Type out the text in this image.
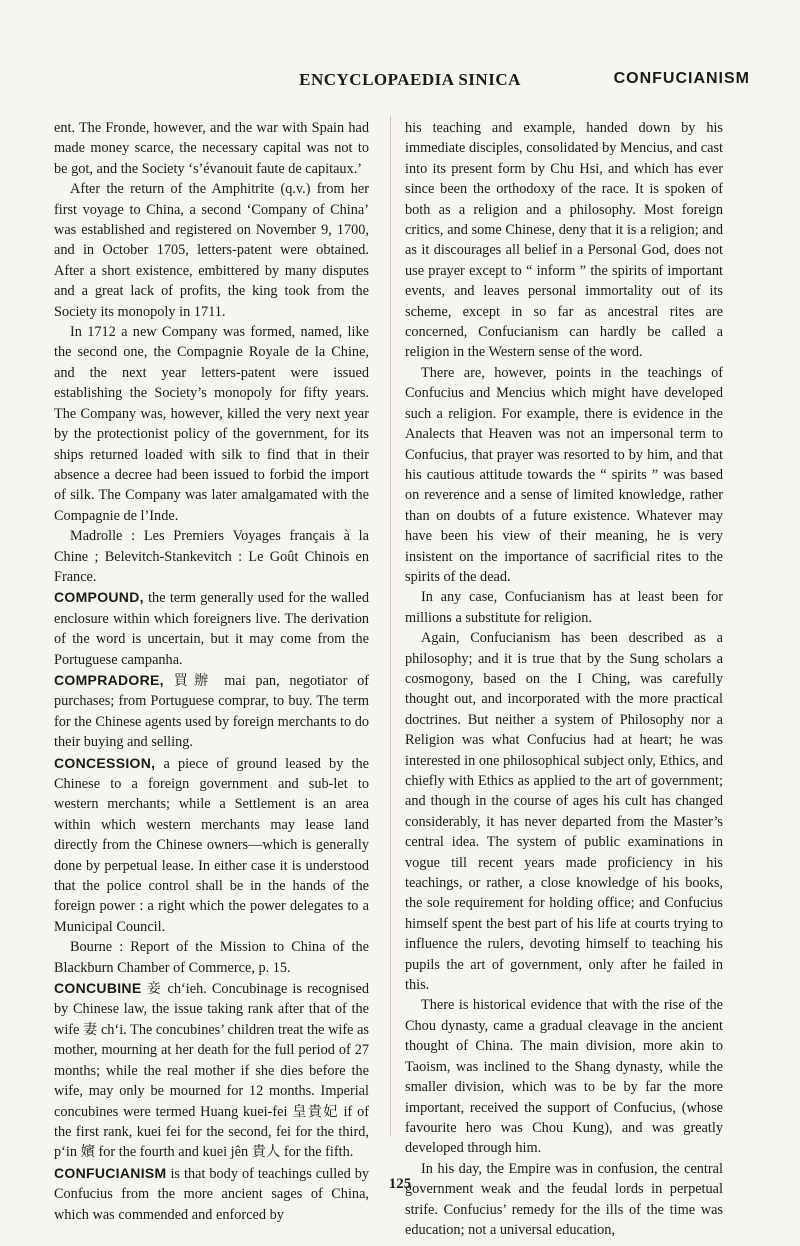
ENCYCLOPAEDIA SINICA	CONFUCIANISM

ent. The Fronde, however, and the war with Spain had made money scarce, the necessary capital was not to be got, and the Society ‘s’évanouit faute de capitaux.’

After the return of the Amphitrite (q.v.) from her first voyage to China, a second ‘Company of China’ was established and registered on November 9, 1700, and in October 1705, letters-patent were obtained. After a short existence, embittered by many disputes and a great lack of profits, the king took from the Society its monopoly in 1711.

In 1712 a new Company was formed, named, like the second one, the Compagnie Royale de la Chine, and the next year letters-patent were issued establishing the Society’s monopoly for fifty years. The Company was, however, killed the very next year by the protectionist policy of the government, for its ships returned loaded with silk to find that in their absence a decree had been issued to forbid the import of silk. The Company was later amalgamated with the Compagnie de l’Inde.

Madrolle : Les Premiers Voyages français à la Chine ; Belevitch-Stankevitch : Le Goût Chinois en France.

COMPOUND, the term generally used for the walled enclosure within which foreigners live. The derivation of the word is uncertain, but it may come from the Portuguese campanha.

COMPRADORE, 買辦 mai pan, negotiator of purchases; from Portuguese comprar, to buy. The term for the Chinese agents used by foreign merchants to do their buying and selling.

CONCESSION, a piece of ground leased by the Chinese to a foreign government and sub-let to western merchants; while a Settlement is an area within which western merchants may lease land directly from the Chinese owners—which is generally done by perpetual lease. In either case it is understood that the police control shall be in the hands of the foreign power : a right which the power delegates to a Municipal Council.

Bourne : Report of the Mission to China of the Blackburn Chamber of Commerce, p. 15.

CONCUBINE 妾 ch‘ieh. Concubinage is recognised by Chinese law, the issue taking rank after that of the wife 妻 ch‘i. The concubines’ children treat the wife as mother, mourning at her death for the full period of 27 months; while the real mother if she dies before the wife, may only be mourned for 12 months. Imperial concubines were termed Huang kuei-fei 皇貴妃 if of the first rank, kuei fei for the second, fei for the third, p‘in 嬪 for the fourth and kuei jên 貴人 for the fifth.

CONFUCIANISM is that body of teachings culled by Confucius from the more ancient sages of China, which was commended and enforced by

his teaching and example, handed down by his immediate disciples, consolidated by Mencius, and cast into its present form by Chu Hsi, and which has ever since been the orthodoxy of the race. It is spoken of both as a religion and a philosophy. Most foreign critics, and some Chinese, deny that it is a religion; and as it discourages all belief in a Personal God, does not use prayer except to “ inform ” the spirits of important events, and leaves personal immortality out of its scheme, except in so far as ancestral rites are concerned, Confucianism can hardly be called a religion in the Western sense of the word.

There are, however, points in the teachings of Confucius and Mencius which might have developed such a religion. For example, there is evidence in the Analects that Heaven was not an impersonal term to Confucius, that prayer was resorted to by him, and that his cautious attitude towards the “ spirits ” was based on reverence and a sense of limited knowledge, rather than on doubts of a future existence. Whatever may have been his view of their meaning, he is very insistent on the importance of sacrificial rites to the spirits of the dead.

In any case, Confucianism has at least been for millions a substitute for religion.

Again, Confucianism has been described as a philosophy; and it is true that by the Sung scholars a cosmogony, based on the I Ching, was carefully thought out, and incorporated with the more practical doctrines. But neither a system of Philosophy nor a Religion was what Confucius had at heart; he was interested in one philosophical subject only, Ethics, and chiefly with Ethics as applied to the art of government; and though in the course of ages his cult has changed considerably, it has never departed from the Master’s central idea. The system of public examinations in vogue till recent years made proficiency in his teachings, or rather, a close knowledge of his books, the sole requirement for holding office; and Confucius himself spent the best part of his life at courts trying to influence the rulers, devoting himself to teaching his pupils the art of government, only after he failed in this.

There is historical evidence that with the rise of the Chou dynasty, came a gradual cleavage in the ancient thought of China. The main division, more akin to Taoism, was inclined to the Shang dynasty, while the smaller division, which was to be by far the more important, received the support of Confucius, (whose favourite hero was Chou Kung), and was greatly developed through him.

In his day, the Empire was in confusion, the central government weak and the feudal lords in perpetual strife. Confucius’ remedy for the ills of the time was education; not a universal education,

125
